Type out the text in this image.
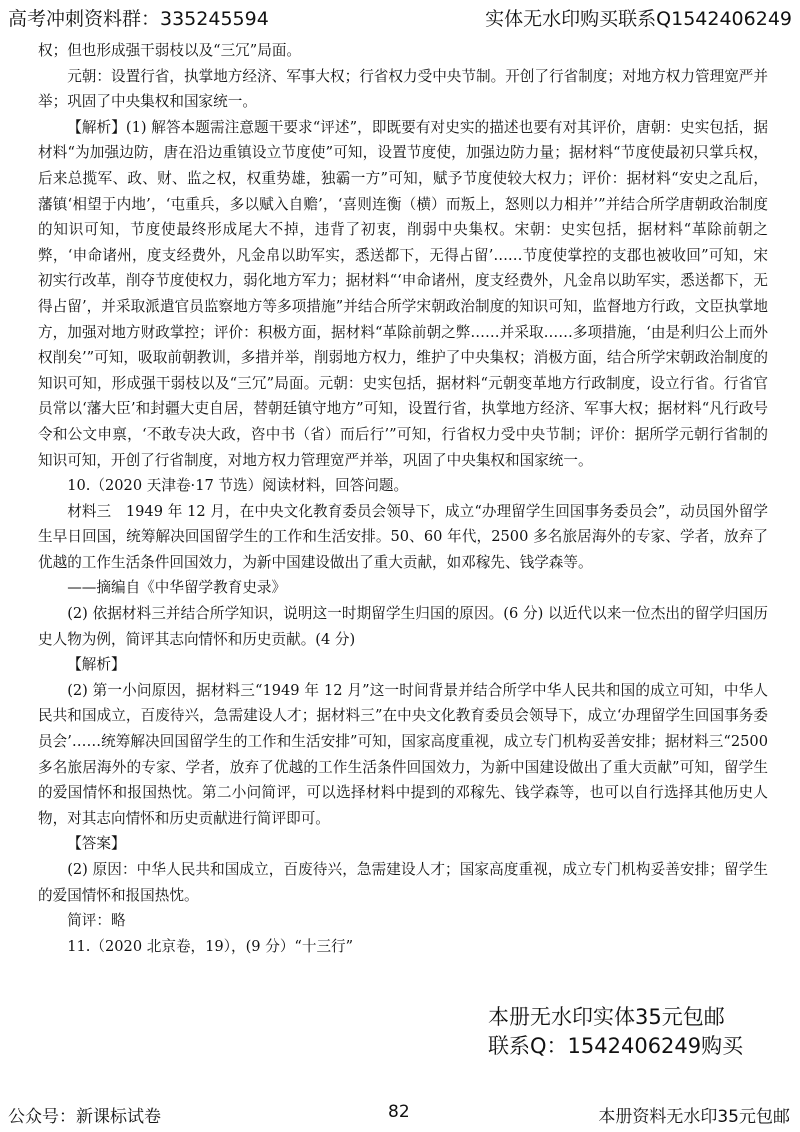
高考冲刺资料群：335245594	实体无水印购买联系Q1542406249

权；但也形成强干弱枝以及“三冗”局面。

元朝：设置行省，执掌地方经济、军事大权；行省权力受中央节制。开创了行省制度；对地方权力管理宽严并举；巩固了中央集权和国家统一。

【解析】(1) 解答本题需注意题干要求“评述”，即既要有对史实的描述也要有对其评价，唐朝：史实包括，据材料“为加强边防，唐在沿边重镇设立节度使”可知，设置节度使，加强边防力量；据材料“节度使最初只掌兵权，后来总揽军、政、财、监之权，权重势雄，独霸一方”可知，赋予节度使较大权力；评价：据材料“安史之乱后，藩镇‘相望于内地’，‘屯重兵，多以赋入自赡’，‘喜则连衡（横）而叛上，怒则以力相并’”并结合所学唐朝政治制度的知识可知，节度使最终形成尾大不掉，违背了初衷，削弱中央集权。宋朝：史实包括，据材料“革除前朝之弊，‘申命诸州，度支经费外，凡金帛以助军实，悉送都下，无得占留’……节度使掌控的支郡也被收回”可知，宋初实行改革，削夺节度使权力，弱化地方军力；据材料“‘申命诸州，度支经费外，凡金帛以助军实，悉送都下，无得占留’，并采取派遣官员监察地方等多项措施”并结合所学宋朝政治制度的知识可知，监督地方行政，文臣执掌地方，加强对地方财政掌控；评价：积极方面，据材料“革除前朝之弊……并采取……多项措施，‘由是利归公上而外权削矣’”可知，吸取前朝教训，多措并举，削弱地方权力，维护了中央集权；消极方面，结合所学宋朝政治制度的知识可知，形成强干弱枝以及“三冗”局面。元朝：史实包括，据材料“元朝变革地方行政制度，设立行省。行省官员常以‘藩大臣’和封疆大吏自居，替朝廷镇守地方”可知，设置行省，执掌地方经济、军事大权；据材料“凡行政号令和公文申禀，‘不敢专决大政，咨中书（省）而后行’”可知，行省权力受中央节制；评价：据所学元朝行省制的知识可知，开创了行省制度，对地方权力管理宽严并举，巩固了中央集权和国家统一。

10.（2020 天津卷·17 节选）阅读材料，回答问题。

材料三　1949 年 12 月，在中央文化教育委员会领导下，成立“办理留学生回国事务委员会”，动员国外留学生早日回国，统筹解决回国留学生的工作和生活安排。50、60 年代，2500 多名旅居海外的专家、学者，放弃了优越的工作生活条件回国效力，为新中国建设做出了重大贡献，如邓稼先、钱学森等。

——摘编自《中华留学教育史录》

(2) 依据材料三并结合所学知识，说明这一时期留学生归国的原因。(6 分) 以近代以来一位杰出的留学归国历史人物为例，简评其志向情怀和历史贡献。(4 分)

【解析】

(2) 第一小问原因，据材料三“1949 年 12 月”这一时间背景并结合所学中华人民共和国的成立可知，中华人民共和国成立，百废待兴，急需建设人才；据材料三”在中央文化教育委员会领导下，成立‘办理留学生回国事务委员会’……统筹解决回国留学生的工作和生活安排”可知，国家高度重视，成立专门机构妥善安排；据材料三“2500 多名旅居海外的专家、学者，放弃了优越的工作生活条件回国效力，为新中国建设做出了重大贡献”可知，留学生的爱国情怀和报国热忱。第二小问简评，可以选择材料中提到的邓稼先、钱学森等，也可以自行选择其他历史人物，对其志向情怀和历史贡献进行简评即可。

【答案】

(2) 原因：中华人民共和国成立，百废待兴，急需建设人才；国家高度重视，成立专门机构妥善安排；留学生的爱国情怀和报国热忱。

简评：略

11.（2020 北京卷，19），(9 分）“十三行”

本册无水印实体35元包邮
联系Q：1542406249购买
公众号：新课标试卷	82	本册资料无水印35元包邮
